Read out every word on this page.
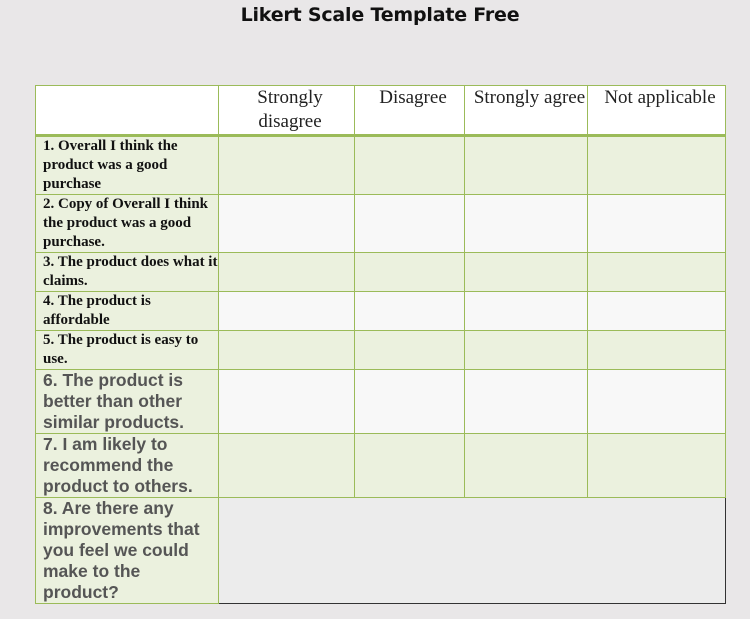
Likert Scale Template Free
	Strongly disagree	Disagree	Strongly agree	Not applicable
1. Overall I think the product was a good purchase				
2. Copy of Overall I think the product was a good purchase.				
3. The product does what it claims.				
4. The product is affordable				
5. The product is easy to use.				
6. The product is better than other similar products.				
7. I am likely to recommend the product to others.				
8. Are there any improvements that you feel we could make to the product?				
